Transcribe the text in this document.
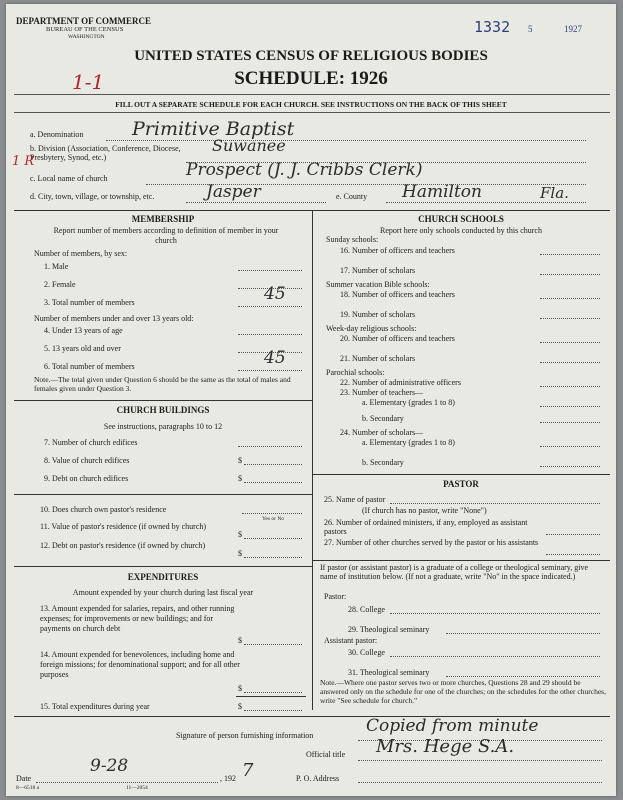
DEPARTMENT OF COMMERCE
BUREAU OF THE CENSUS
WASHINGTON
1332 5	1927
1-1
UNITED STATES CENSUS OF RELIGIOUS BODIES
SCHEDULE: 1926
FILL OUT A SEPARATE SCHEDULE FOR EACH CHURCH. SEE INSTRUCTIONS ON THE BACK OF THIS SHEET
a. Denomination	Primitive Baptist
b. Division (Association, Conference, Diocese, Presbytery, Synod, etc.)
Suwanee
1 R
c. Local name of church	Prospect (J. J. Cribbs Clerk)
d. City, town, village, or township, etc.	Jasper	e. County Hamilton	Fla.
MEMBERSHIP
Report number of members according to definition of member in your church
Number of members, by sex:
1. Male
2. Female
3. Total number of members	45
Number of members under and over 13 years old:
4. Under 13 years of age
5. 13 years old and over
6. Total number of members	45
Note.—The total given under Question 6 should be the same as the total of males and females given under Question 3.
CHURCH BUILDINGS
See instructions, paragraphs 10 to 12
7. Number of church edifices
8. Value of church edifices	$
9. Debt on church edifices	$
10. Does church own pastor's residence
Yes or No
11. Value of pastor's residence (if owned by church)
$
12. Debt on pastor's residence (if owned by church)
$
EXPENDITURES
Amount expended by your church during last fiscal year
13. Amount expended for salaries, repairs, and other running expenses; for improvements or new buildings; and for payments on church debt
$
14. Amount expended for benevolences, including home and foreign missions; for denominational support; and for all other purposes
$
15. Total expenditures during year	$
CHURCH SCHOOLS
Report here only schools conducted by this church
Sunday schools:
16. Number of officers and teachers
17. Number of scholars
Summer vacation Bible schools:
18. Number of officers and teachers
19. Number of scholars
Week-day religious schools:
20. Number of officers and teachers
21. Number of scholars
Parochial schools:
22. Number of administrative officers
23. Number of teachers—
a. Elementary (grades 1 to 8)
b. Secondary
24. Number of scholars—
a. Elementary (grades 1 to 8)
b. Secondary
PASTOR
25. Name of pastor
(If church has no pastor, write "None")
26. Number of ordained ministers, if any, employed as assistant pastors
27. Number of other churches served by the pastor or his assistants
If pastor (or assistant pastor) is a graduate of a college or theological seminary, give name of institution below. (If not a graduate, write "No" in the space indicated.)
Pastor:
28. College
29. Theological seminary
Assistant pastor:
30. College
31. Theological seminary
Note.—Where one pastor serves two or more churches, Questions 28 and 29 should be answered only on the schedule for one of the churches; on the schedules for the other churches, write "See schedule for church."
Signature of person furnishing information	Copied from minute
Official title Mrs. Hege S.A.
Date
9-28
, 192 7	P. O. Address
8—6518 a	11—2054
